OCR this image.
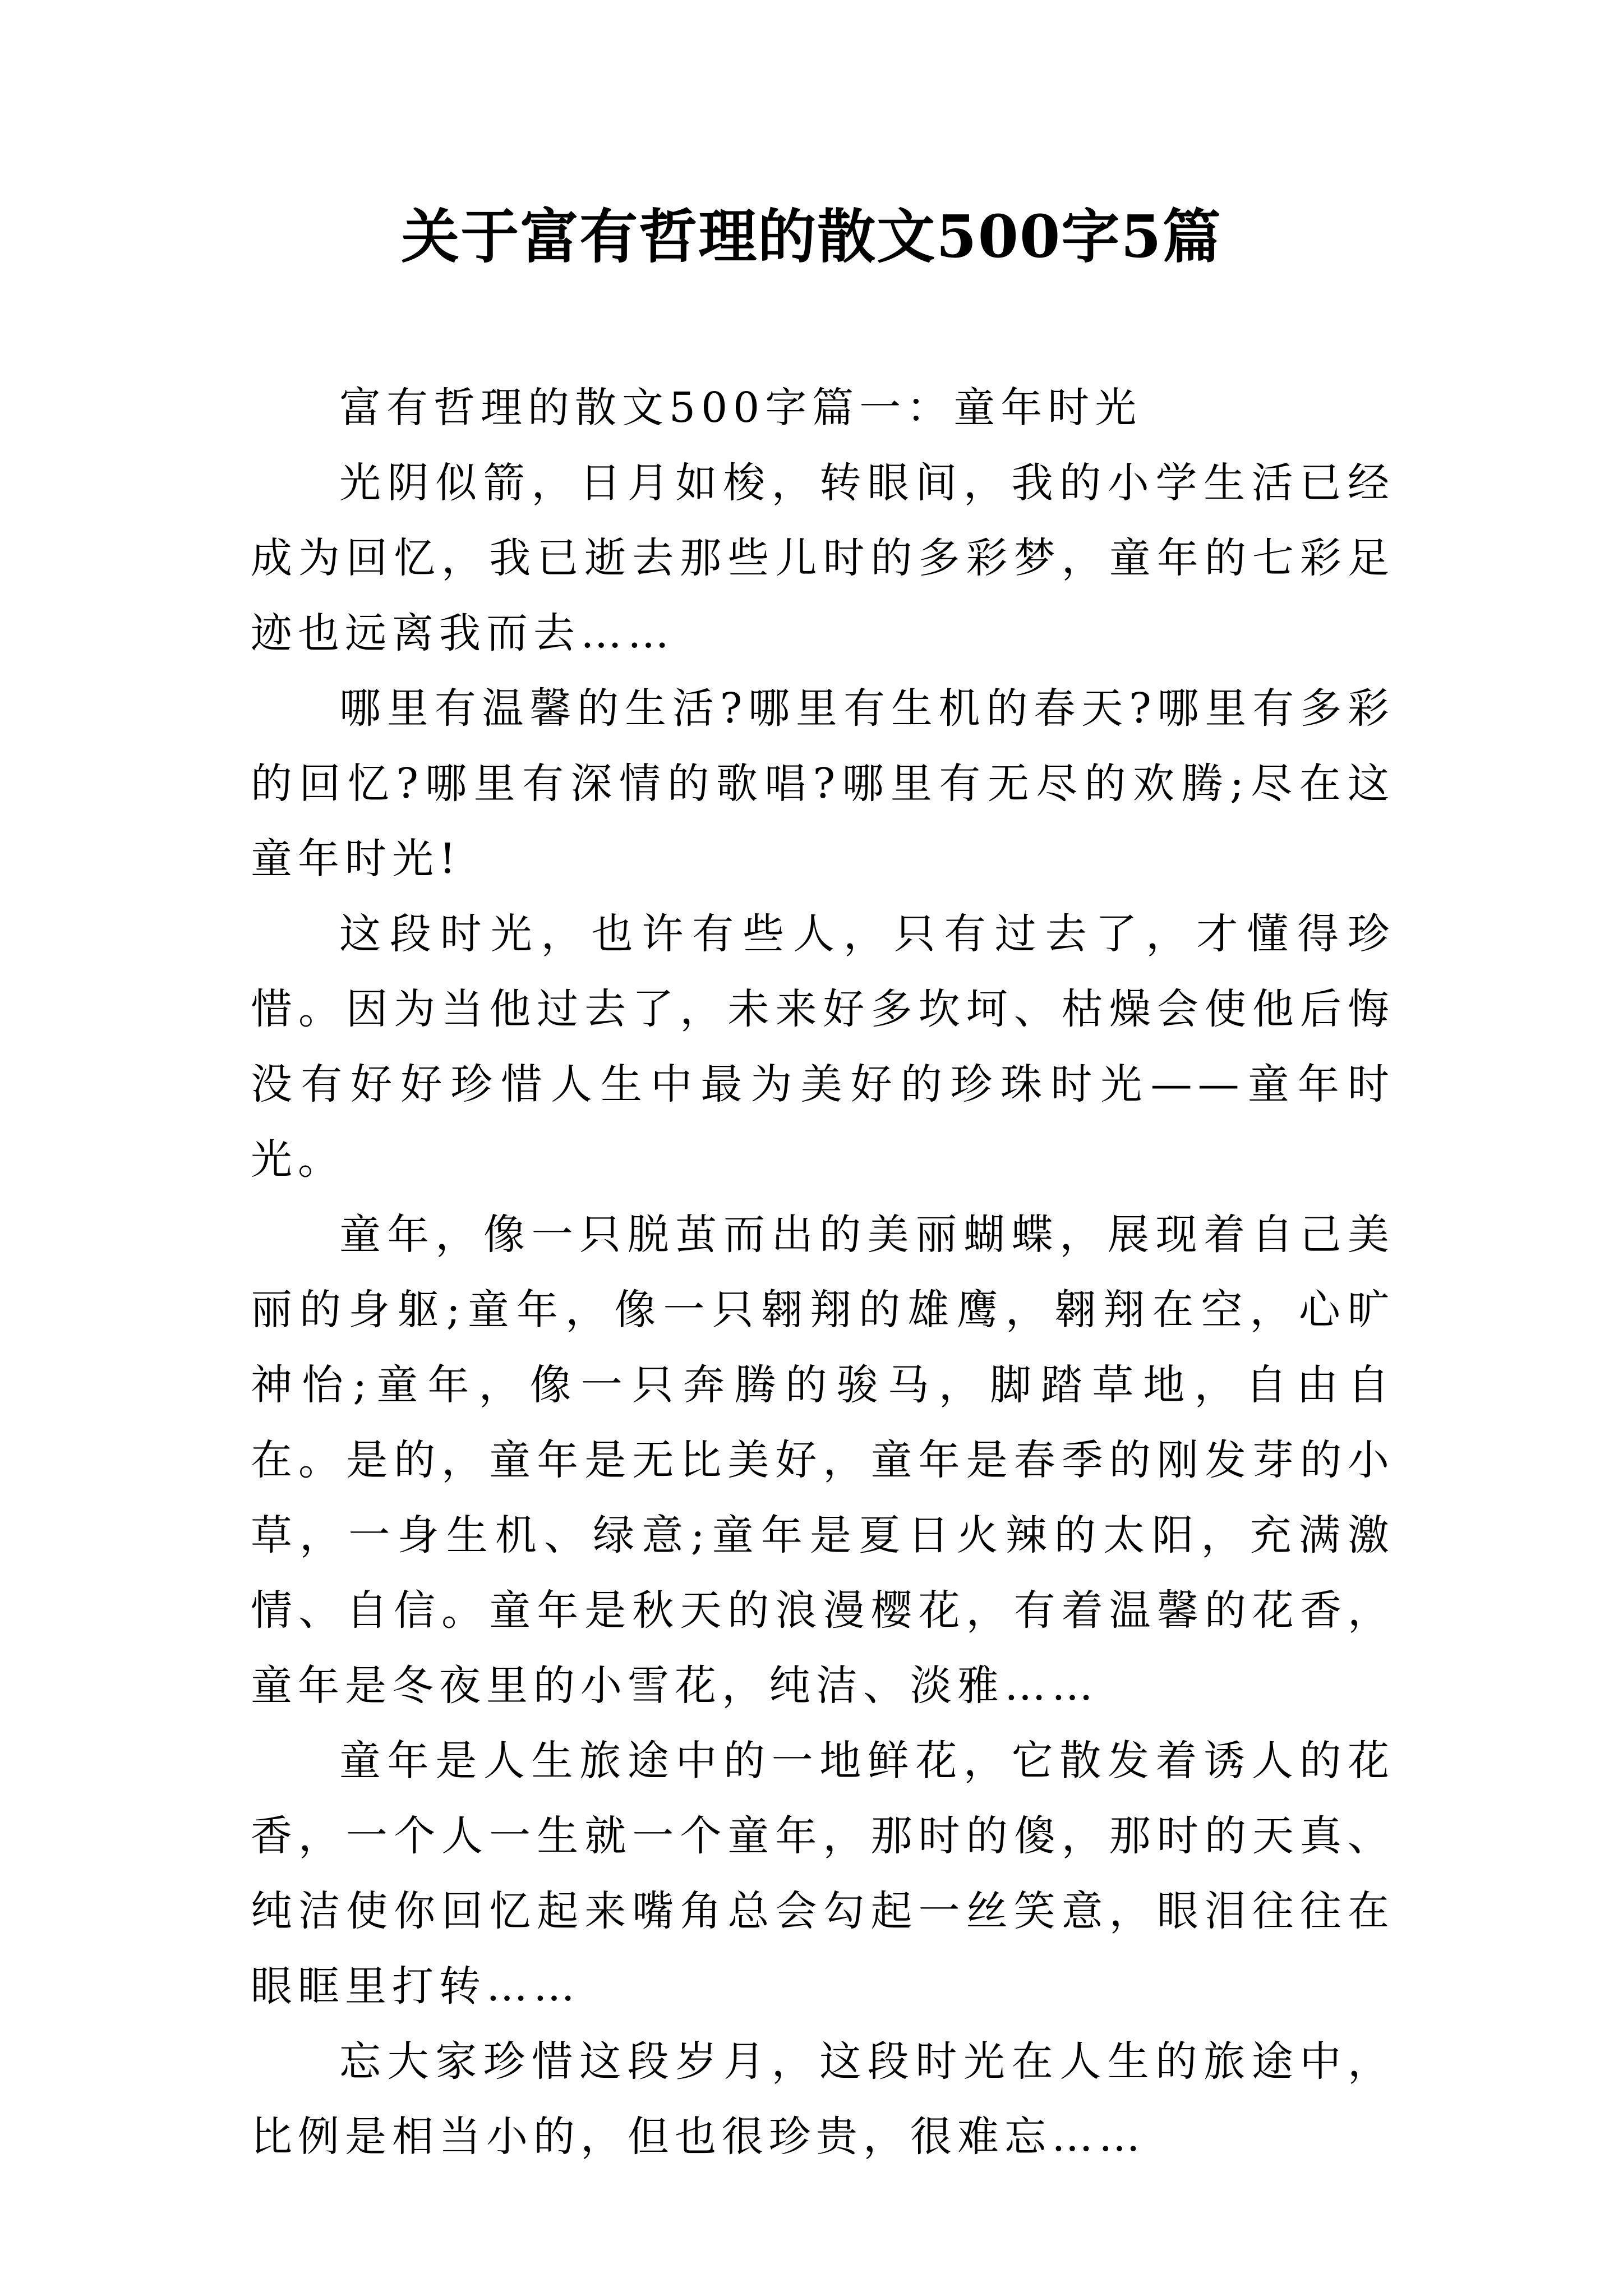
关于富有哲理的散文500字5篇

富有哲理的散文500字篇一：童年时光

光阴似箭，日月如梭，转眼间，我的小学生活已经成为回忆，我已逝去那些儿时的多彩梦，童年的七彩足迹也远离我而去……

哪里有温馨的生活?哪里有生机的春天?哪里有多彩的回忆?哪里有深情的歌唱?哪里有无尽的欢腾;尽在这童年时光!

这段时光，也许有些人，只有过去了，才懂得珍惜。因为当他过去了，未来好多坎坷、枯燥会使他后悔没有好好珍惜人生中最为美好的珍珠时光——童年时光。

童年，像一只脱茧而出的美丽蝴蝶，展现着自己美丽的身躯;童年，像一只翱翔的雄鹰，翱翔在空，心旷神怡;童年，像一只奔腾的骏马，脚踏草地，自由自在。是的，童年是无比美好，童年是春季的刚发芽的小草，一身生机、绿意;童年是夏日火辣的太阳，充满激情、自信。童年是秋天的浪漫樱花，有着温馨的花香，童年是冬夜里的小雪花，纯洁、淡雅……

童年是人生旅途中的一地鲜花，它散发着诱人的花香，一个人一生就一个童年，那时的傻，那时的天真、纯洁使你回忆起来嘴角总会勾起一丝笑意，眼泪往往在眼眶里打转……

忘大家珍惜这段岁月，这段时光在人生的旅途中，比例是相当小的，但也很珍贵，很难忘……
